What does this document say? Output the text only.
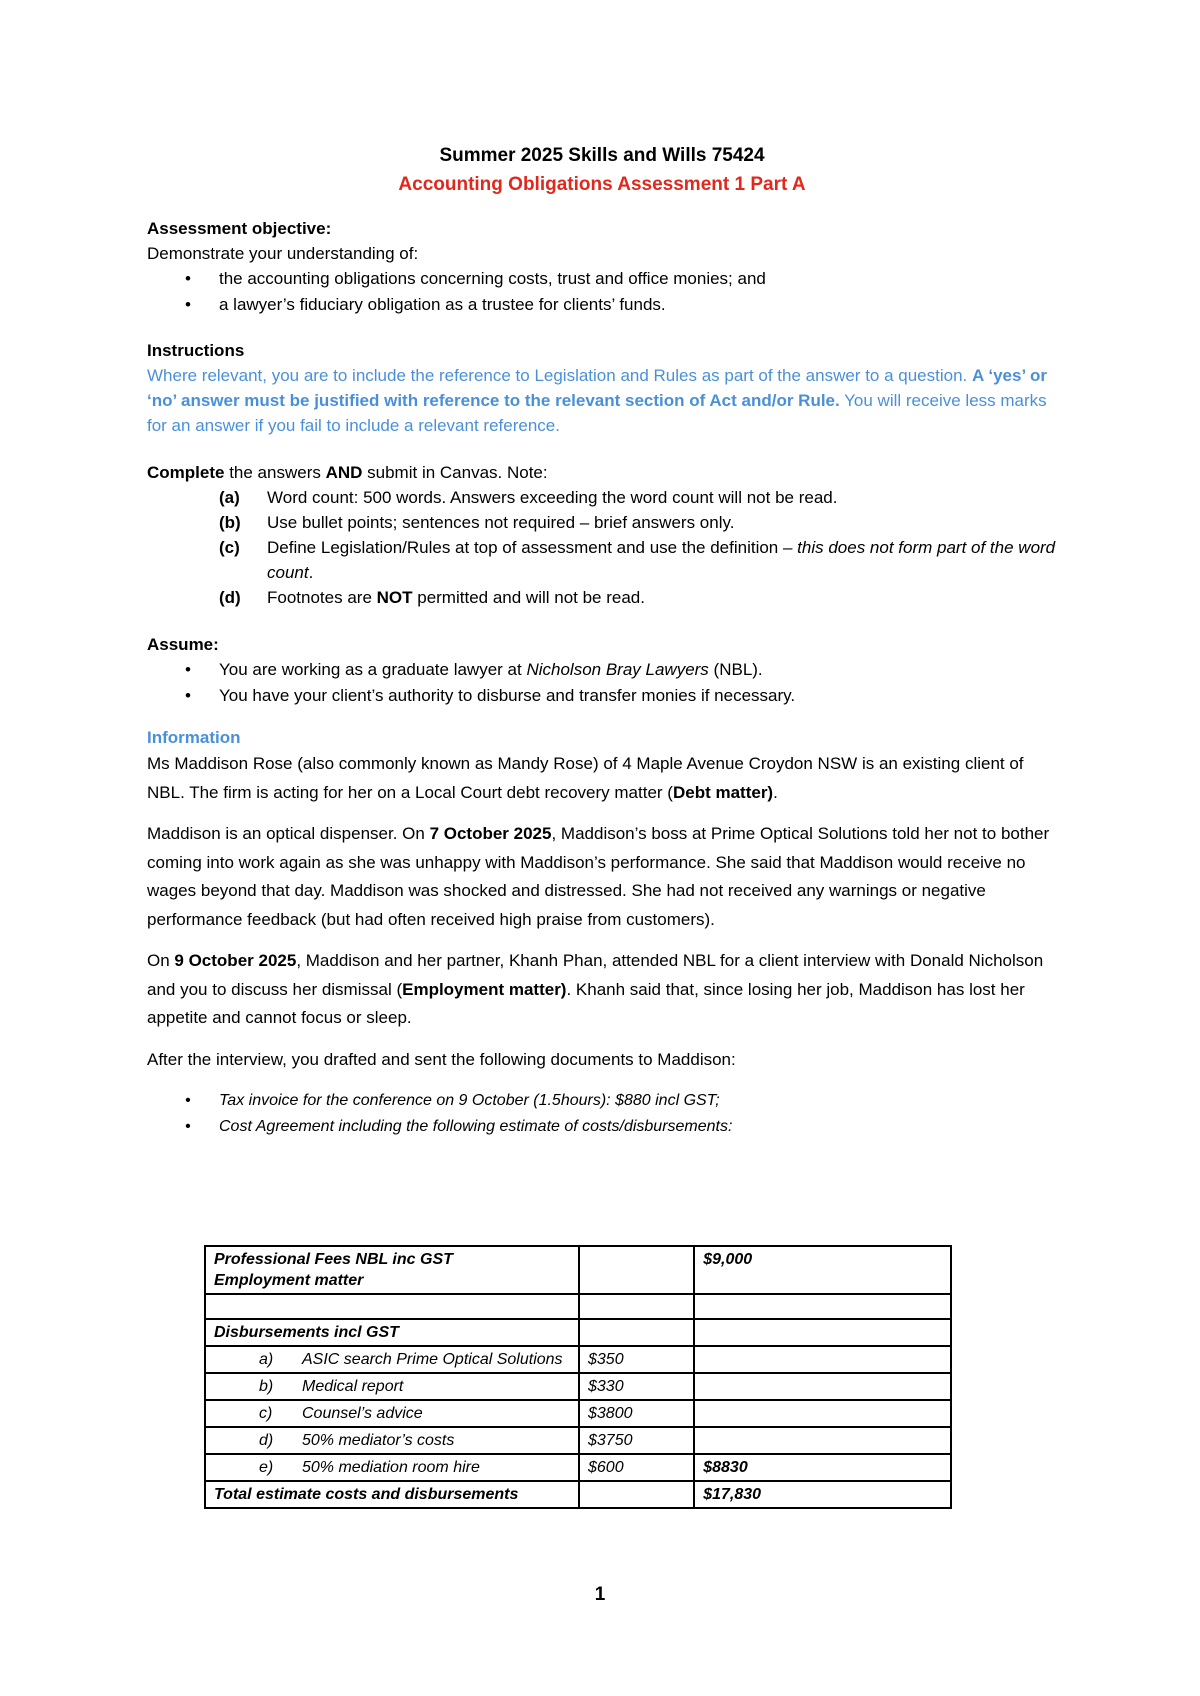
Summer 2025 Skills and Wills 75424

Accounting Obligations Assessment 1 Part A

Assessment objective:

Demonstrate your understanding of:

• the accounting obligations concerning costs, trust and office monies; and
• a lawyer’s fiduciary obligation as a trustee for clients’ funds.

Instructions

Where relevant, you are to include the reference to Legislation and Rules as part of the answer to a question. A ‘yes’ or ‘no’ answer must be justified with reference to the relevant section of Act and/or Rule. You will receive less marks for an answer if you fail to include a relevant reference.

Complete the answers AND submit in Canvas. Note:

(a) Word count: 500 words. Answers exceeding the word count will not be read.
(b) Use bullet points; sentences not required – brief answers only.
(c) Define Legislation/Rules at top of assessment and use the definition – this does not form part of the word count.
(d) Footnotes are NOT permitted and will not be read.

Assume:

• You are working as a graduate lawyer at Nicholson Bray Lawyers (NBL).
• You have your client’s authority to disburse and transfer monies if necessary.

Information

Ms Maddison Rose (also commonly known as Mandy Rose) of 4 Maple Avenue Croydon NSW is an existing client of NBL. The firm is acting for her on a Local Court debt recovery matter (Debt matter).

Maddison is an optical dispenser. On 7 October 2025, Maddison’s boss at Prime Optical Solutions told her not to bother coming into work again as she was unhappy with Maddison’s performance. She said that Maddison would receive no wages beyond that day. Maddison was shocked and distressed. She had not received any warnings or negative performance feedback (but had often received high praise from customers).

On 9 October 2025, Maddison and her partner, Khanh Phan, attended NBL for a client interview with Donald Nicholson and you to discuss her dismissal (Employment matter). Khanh said that, since losing her job, Maddison has lost her appetite and cannot focus or sleep.

After the interview, you drafted and sent the following documents to Maddison:

• Tax invoice for the conference on 9 October (1.5hours): $880 incl GST;
• Cost Agreement including the following estimate of costs/disbursements:
Professional Fees NBL inc GST
Employment matter		$9,000

Disbursements incl GST		

a) ASIC search Prime Optical Solutions	$350	

b) Medical report	$330	

c) Counsel’s advice	$3800	

d) 50% mediator’s costs	$3750	

e) 50% mediation room hire	$600	$8830
Total estimate costs and disbursements		$17,830
1
